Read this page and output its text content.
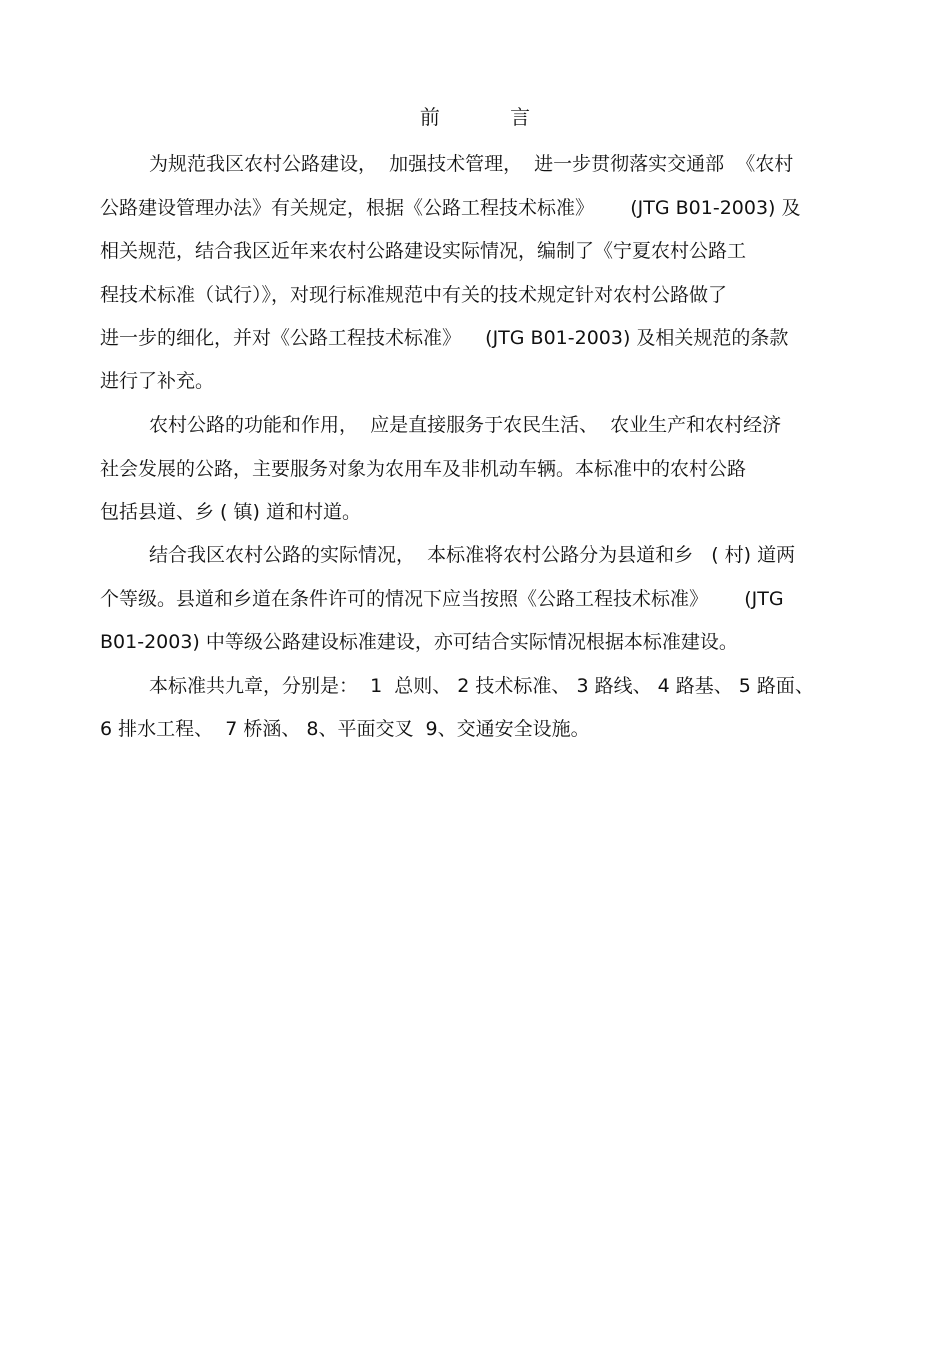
前 言
为规范我区农村公路建设，  加强技术管理，  进一步贯彻落实交通部  《农村
公路建设管理办法》有关规定，根据《公路工程技术标准》      (JTG B01-2003) 及
相关规范，结合我区近年来农村公路建设实际情况，编制了《宁夏农村公路工
程技术标准（试行）》，对现行标准规范中有关的技术规定针对农村公路做了
进一步的细化，并对《公路工程技术标准》    (JTG B01-2003) 及相关规范的条款
进行了补充。
农村公路的功能和作用，  应是直接服务于农民生活、  农业生产和农村经济
社会发展的公路，主要服务对象为农用车及非机动车辆。本标准中的农村公路
包括县道、乡 ( 镇) 道和村道。
结合我区农村公路的实际情况，  本标准将农村公路分为县道和乡   ( 村) 道两
个等级。县道和乡道在条件许可的情况下应当按照《公路工程技术标准》      (JTG
B01-2003) 中等级公路建设标准建设，亦可结合实际情况根据本标准建设。
本标准共九章，分别是：  1  总则、 2 技术标准、 3 路线、 4 路基、 5 路面、
6 排水工程、  7 桥涵、 8、平面交叉  9、交通安全设施。
